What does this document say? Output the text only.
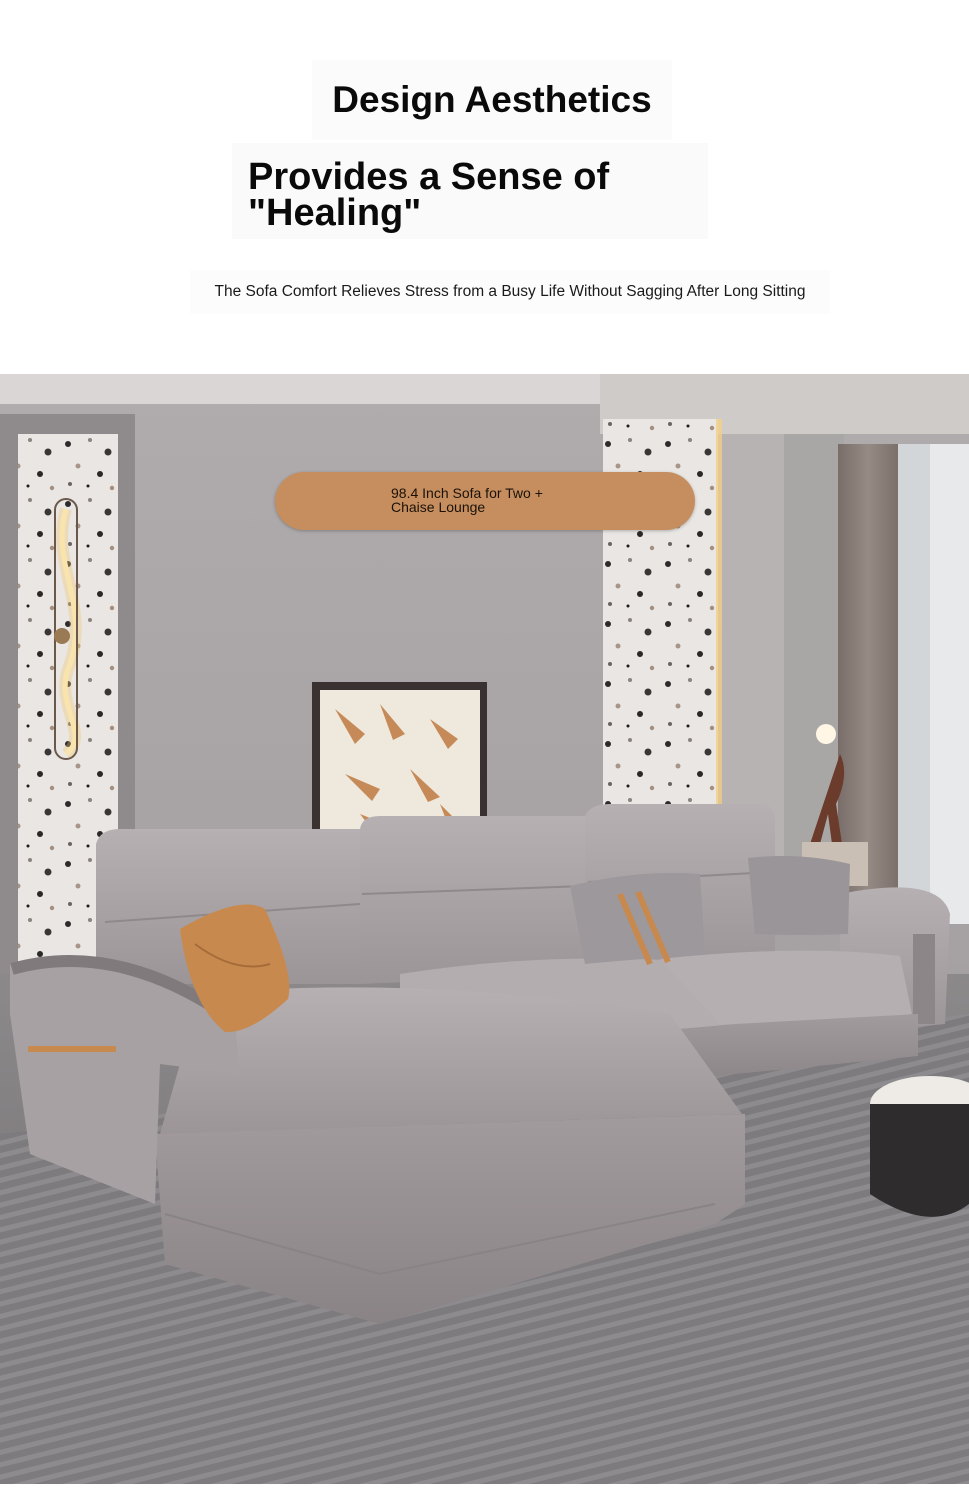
Design Aesthetics
Provides a Sense of
"Healing"
The Sofa Comfort Relieves Stress from a Busy Life Without Sagging After Long Sitting
98.4 Inch Sofa for Two +
Chaise Lounge
